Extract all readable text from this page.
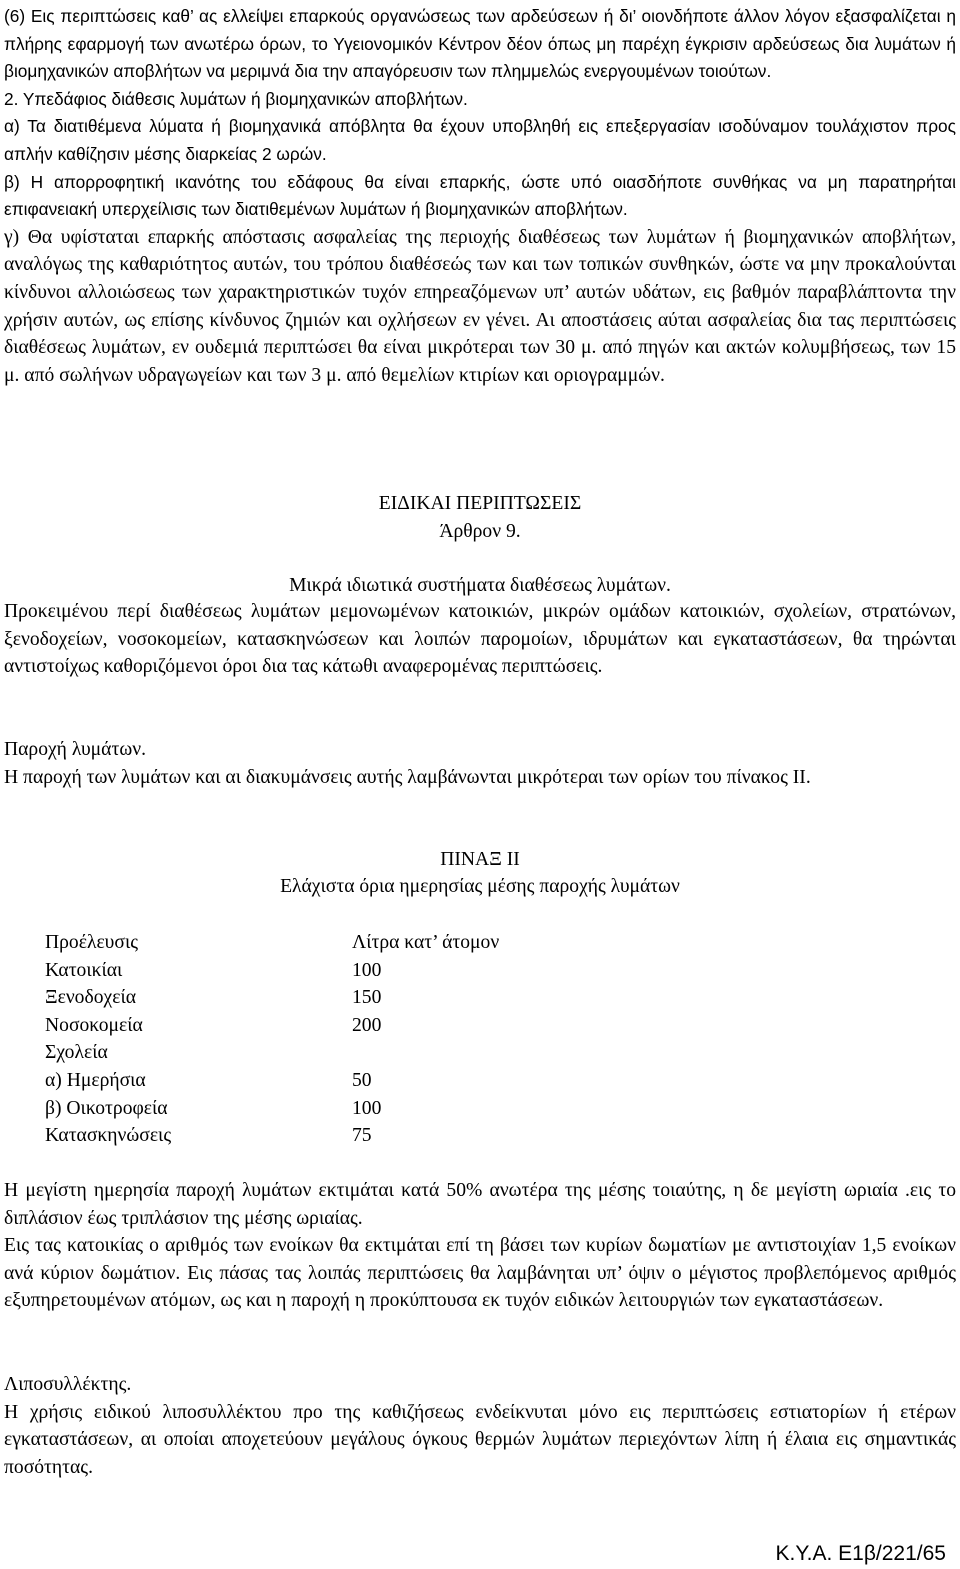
(6) Εις περιπτώσεις καθ’ ας ελλείψει επαρκούς οργανώσεως των αρδεύσεων ή δι’ οιονδήποτε άλλον λόγον εξασφαλίζεται η πλήρης εφαρμογή των ανωτέρω όρων, το Υγειονομικόν Κέντρον δέον όπως μη παρέχη έγκρισιν αρδεύσεως δια λυμάτων ή βιομηχανικών αποβλήτων να μεριμνά δια την απαγόρευσιν των πλημμελώς ενεργουμένων τοιούτων.

2. Υπεδάφιος διάθεσις λυμάτων ή βιομηχανικών αποβλήτων.

α) Τα διατιθέμενα λύματα ή βιομηχανικά απόβλητα θα έχουν υποβληθή εις επεξεργασίαν ισοδύναμον τουλάχιστον προς απλήν καθίζησιν μέσης διαρκείας 2 ωρών.

β) Η απορροφητική ικανότης του εδάφους θα είναι επαρκής, ώστε υπό οιασδήποτε συνθήκας να μη παρατηρήται επιφανειακή υπερχείλισις των διατιθεμένων λυμάτων ή βιομηχανικών αποβλήτων.

γ) Θα υφίσταται επαρκής απόστασις ασφαλείας της περιοχής διαθέσεως των λυμάτων ή βιομηχανικών αποβλήτων, αναλόγως της καθαριότητος αυτών, του τρόπου διαθέσεώς των και των τοπικών συνθηκών, ώστε να μην προκαλούνται κίνδυνοι αλλοιώσεως των χαρακτηριστικών τυχόν επηρεαζόμενων υπ’ αυτών υδάτων, εις βαθμόν παραβλάπτοντα την χρήσιν αυτών, ως επίσης κίνδυνος ζημιών και οχλήσεων εν γένει. Αι αποστάσεις αύται ασφαλείας δια τας περιπτώσεις διαθέσεως λυμάτων, εν ουδεμιά περιπτώσει θα είναι μικρότεραι των 30 μ. από πηγών και ακτών κολυμβήσεως, των 15 μ. από σωλήνων υδραγωγείων και των 3 μ. από θεμελίων κτιρίων και οριογραμμών.

ΕΙΔΙΚΑΙ ΠΕΡΙΠΤΩΣΕΙΣ
Άρθρον 9.
Μικρά ιδιωτικά συστήματα διαθέσεως λυμάτων.

Προκειμένου περί διαθέσεως λυμάτων μεμονωμένων κατοικιών, μικρών ομάδων κατοικιών, σχολείων, στρατώνων, ξενοδοχείων, νοσοκομείων, κατασκηνώσεων και λοιπών παρομοίων, ιδρυμάτων και εγκαταστάσεων, θα τηρώνται αντιστοίχως καθοριζόμενοι όροι δια τας κάτωθι αναφερομένας περιπτώσεις.

Παροχή λυμάτων.

Η παροχή των λυμάτων και αι διακυμάνσεις αυτής λαμβάνωνται μικρότεραι των ορίων του πίνακος ΙΙ.

ΠΙΝΑΞ ΙΙ
Ελάχιστα όρια ημερησίας μέσης παροχής λυμάτων
Προέλευσις	Λίτρα κατ’ άτομον
Κατοικίαι	100
Ξενοδοχεία	150
Νοσοκομεία	200
Σχολεία	
α) Ημερήσια	50
β) Οικοτροφεία	100
Κατασκηνώσεις	75

Η μεγίστη ημερησία παροχή λυμάτων εκτιμάται κατά 50% ανωτέρα της μέσης τοιαύτης, η δε μεγίστη ωριαία .εις το διπλάσιον έως τριπλάσιον της μέσης ωριαίας.

Εις τας κατοικίας ο αριθμός των ενοίκων θα εκτιμάται επί τη βάσει των κυρίων δωματίων με αντιστοιχίαν 1,5 ενοίκων ανά κύριον δωμάτιον. Εις πάσας τας λοιπάς περιπτώσεις θα λαμβάνηται υπ’ όψιν ο μέγιστος προβλεπόμενος αριθμός εξυπηρετουμένων ατόμων, ως και η παροχή η προκύπτουσα εκ τυχόν ειδικών λειτουργιών των εγκαταστάσεων.

Λιποσυλλέκτης.

Η χρήσις ειδικού λιποσυλλέκτου προ της καθιζήσεως ενδείκνυται μόνο εις περιπτώσεις εστιατορίων ή ετέρων εγκαταστάσεων, αι οποίαι αποχετεύουν μεγάλους όγκους θερμών λυμάτων περιεχόντων λίπη ή έλαια εις σημαντικάς ποσότητας.

Κ.Υ.Α. Ε1β/221/65
